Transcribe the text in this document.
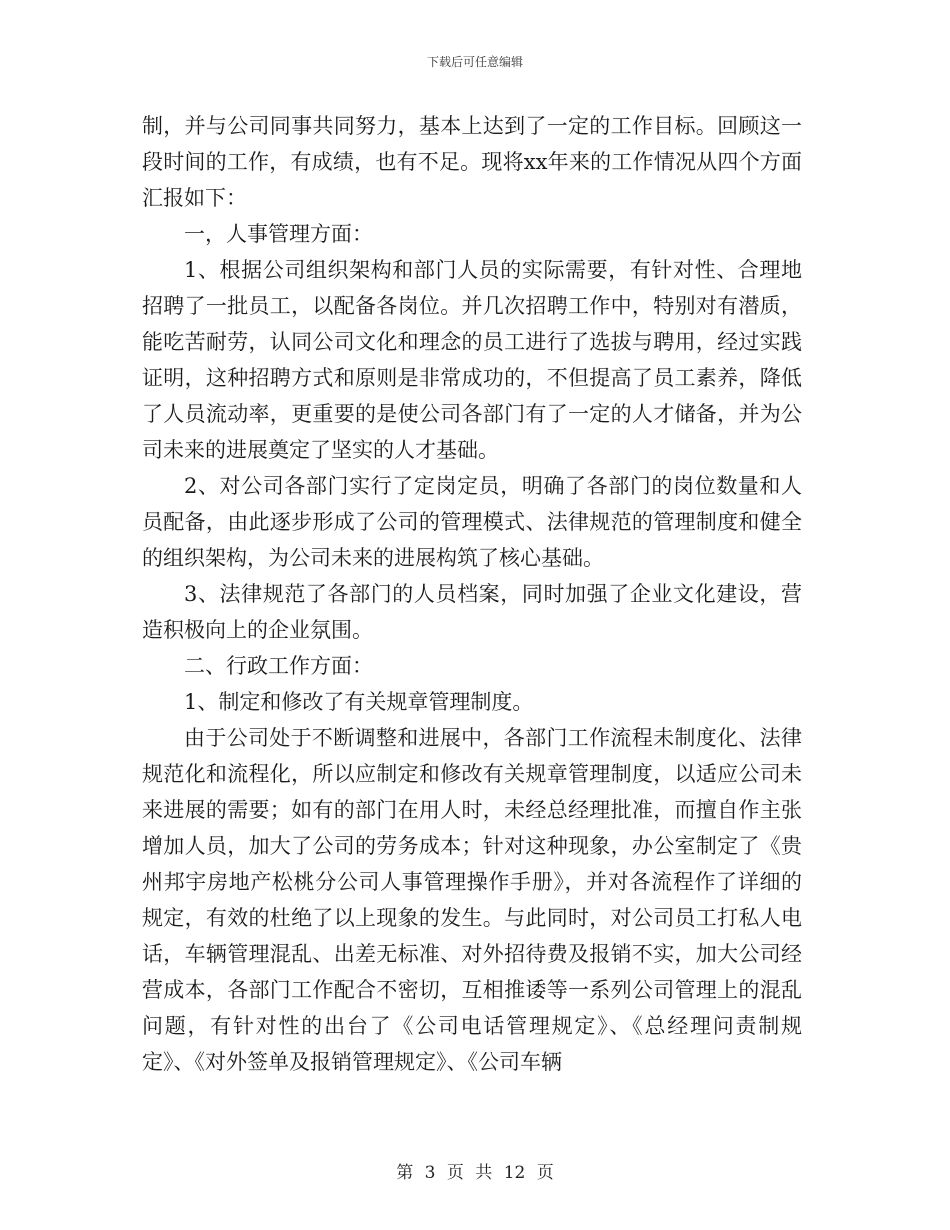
下载后可任意编辑

制，并与公司同事共同努力，基本上达到了一定的工作目标。回顾这一段时间的工作，有成绩，也有不足。现将xx年来的工作情况从四个方面汇报如下：

一，人事管理方面：

1、根据公司组织架构和部门人员的实际需要，有针对性、合理地招聘了一批员工，以配备各岗位。并几次招聘工作中，特别对有潜质，能吃苦耐劳，认同公司文化和理念的员工进行了选拔与聘用，经过实践证明，这种招聘方式和原则是非常成功的，不但提高了员工素养，降低了人员流动率，更重要的是使公司各部门有了一定的人才储备，并为公司未来的进展奠定了坚实的人才基础。

2、对公司各部门实行了定岗定员，明确了各部门的岗位数量和人员配备，由此逐步形成了公司的管理模式、法律规范的管理制度和健全的组织架构，为公司未来的进展构筑了核心基础。

3、法律规范了各部门的人员档案，同时加强了企业文化建设，营造积极向上的企业氛围。

二、行政工作方面：

1、制定和修改了有关规章管理制度。

由于公司处于不断调整和进展中，各部门工作流程未制度化、法律规范化和流程化，所以应制定和修改有关规章管理制度，以适应公司未来进展的需要；如有的部门在用人时，未经总经理批准，而擅自作主张增加人员，加大了公司的劳务成本；针对这种现象，办公室制定了《贵州邦宇房地产松桃分公司人事管理操作手册》，并对各流程作了详细的规定，有效的杜绝了以上现象的发生。与此同时，对公司员工打私人电话，车辆管理混乱、出差无标准、对外招待费及报销不实，加大公司经营成本，各部门工作配合不密切，互相推诿等一系列公司管理上的混乱问题，有针对性的出台了《公司电话管理规定》、《总经理问责制规定》、《对外签单及报销管理规定》、《公司车辆

第 3 页 共 12 页
